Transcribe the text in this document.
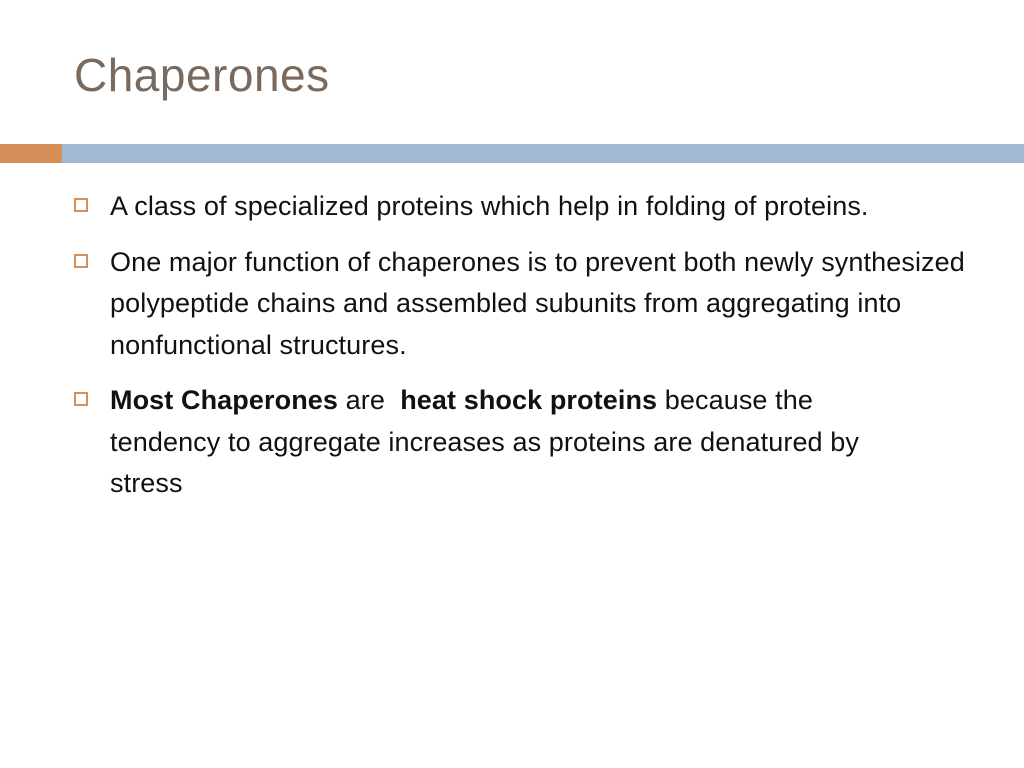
Chaperones
A class of specialized proteins which help in folding of proteins.
One major function of chaperones is to prevent both newly synthesized polypeptide chains and assembled subunits from aggregating into nonfunctional structures.
Most Chaperones are  heat shock proteins because the tendency to aggregate increases as proteins are denatured by stress
